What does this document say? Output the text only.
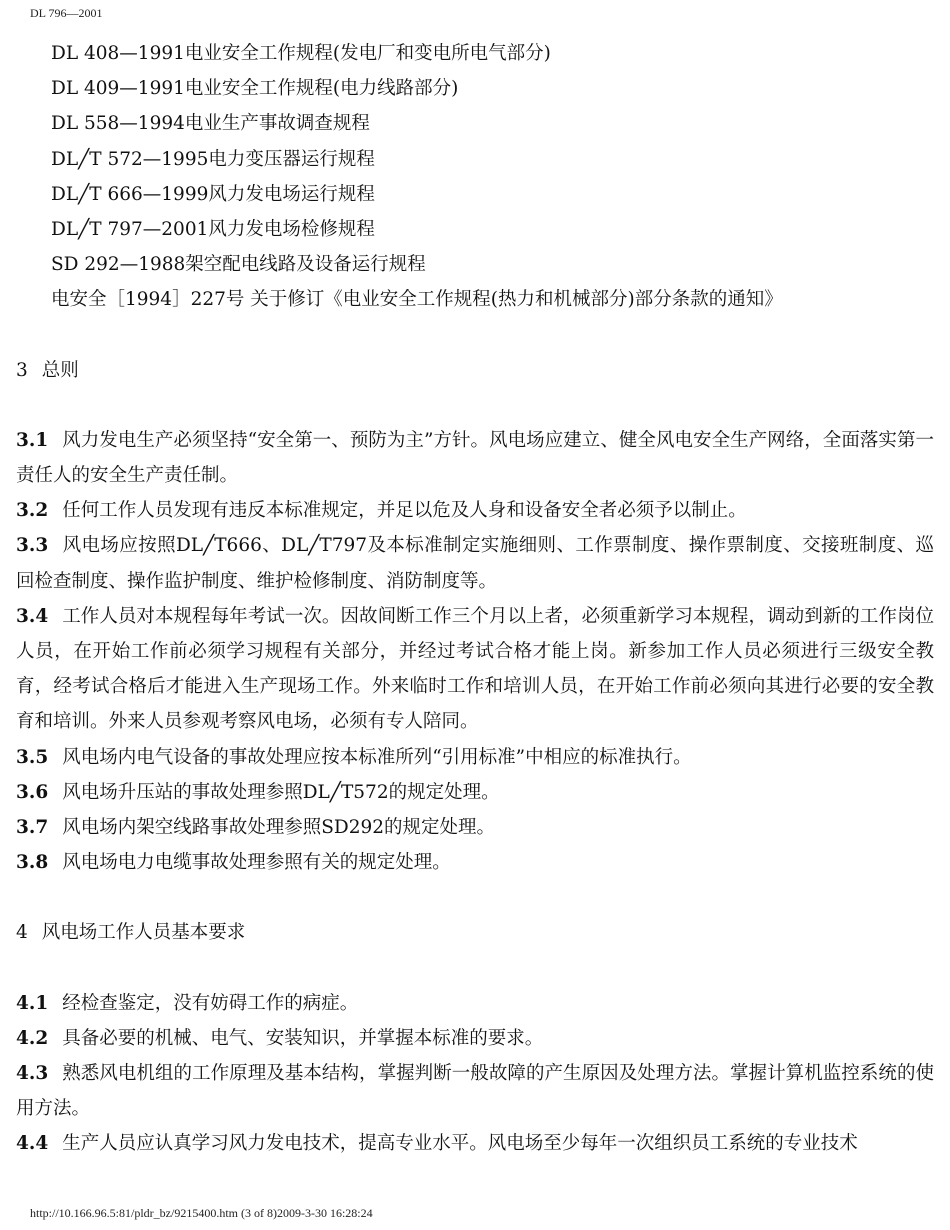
DL 796—2001
DL 408—1991电业安全工作规程(发电厂和变电所电气部分)
DL 409—1991电业安全工作规程(电力线路部分)
DL 558—1994电业生产事故调查规程
DL╱T 572—1995电力变压器运行规程
DL╱T 666—1999风力发电场运行规程
DL╱T 797—2001风力发电场检修规程
SD 292—1988架空配电线路及设备运行规程
电安全［1994］227号 关于修订《电业安全工作规程(热力和机械部分)部分条款的通知》
3 总则
3.1 风力发电生产必须坚持“安全第一、预防为主”方针。风电场应建立、健全风电安全生产网络，全面落实第一责任人的安全生产责任制。
3.2 任何工作人员发现有违反本标准规定，并足以危及人身和设备安全者必须予以制止。
3.3 风电场应按照DL╱T666、DL╱T797及本标准制定实施细则、工作票制度、操作票制度、交接班制度、巡回检查制度、操作监护制度、维护检修制度、消防制度等。
3.4 工作人员对本规程每年考试一次。因故间断工作三个月以上者，必须重新学习本规程，调动到新的工作岗位人员，在开始工作前必须学习规程有关部分，并经过考试合格才能上岗。新参加工作人员必须进行三级安全教育，经考试合格后才能进入生产现场工作。外来临时工作和培训人员，在开始工作前必须向其进行必要的安全教育和培训。外来人员参观考察风电场，必须有专人陪同。
3.5 风电场内电气设备的事故处理应按本标准所列“引用标准”中相应的标准执行。
3.6 风电场升压站的事故处理参照DL╱T572的规定处理。
3.7 风电场内架空线路事故处理参照SD292的规定处理。
3.8 风电场电力电缆事故处理参照有关的规定处理。
4 风电场工作人员基本要求
4.1 经检查鉴定，没有妨碍工作的病症。
4.2 具备必要的机械、电气、安装知识，并掌握本标准的要求。
4.3 熟悉风电机组的工作原理及基本结构，掌握判断一般故障的产生原因及处理方法。掌握计算机监控系统的使用方法。
4.4 生产人员应认真学习风力发电技术，提高专业水平。风电场至少每年一次组织员工系统的专业技术
http://10.166.96.5:81/pldr_bz/9215400.htm (3 of 8)2009-3-30 16:28:24
